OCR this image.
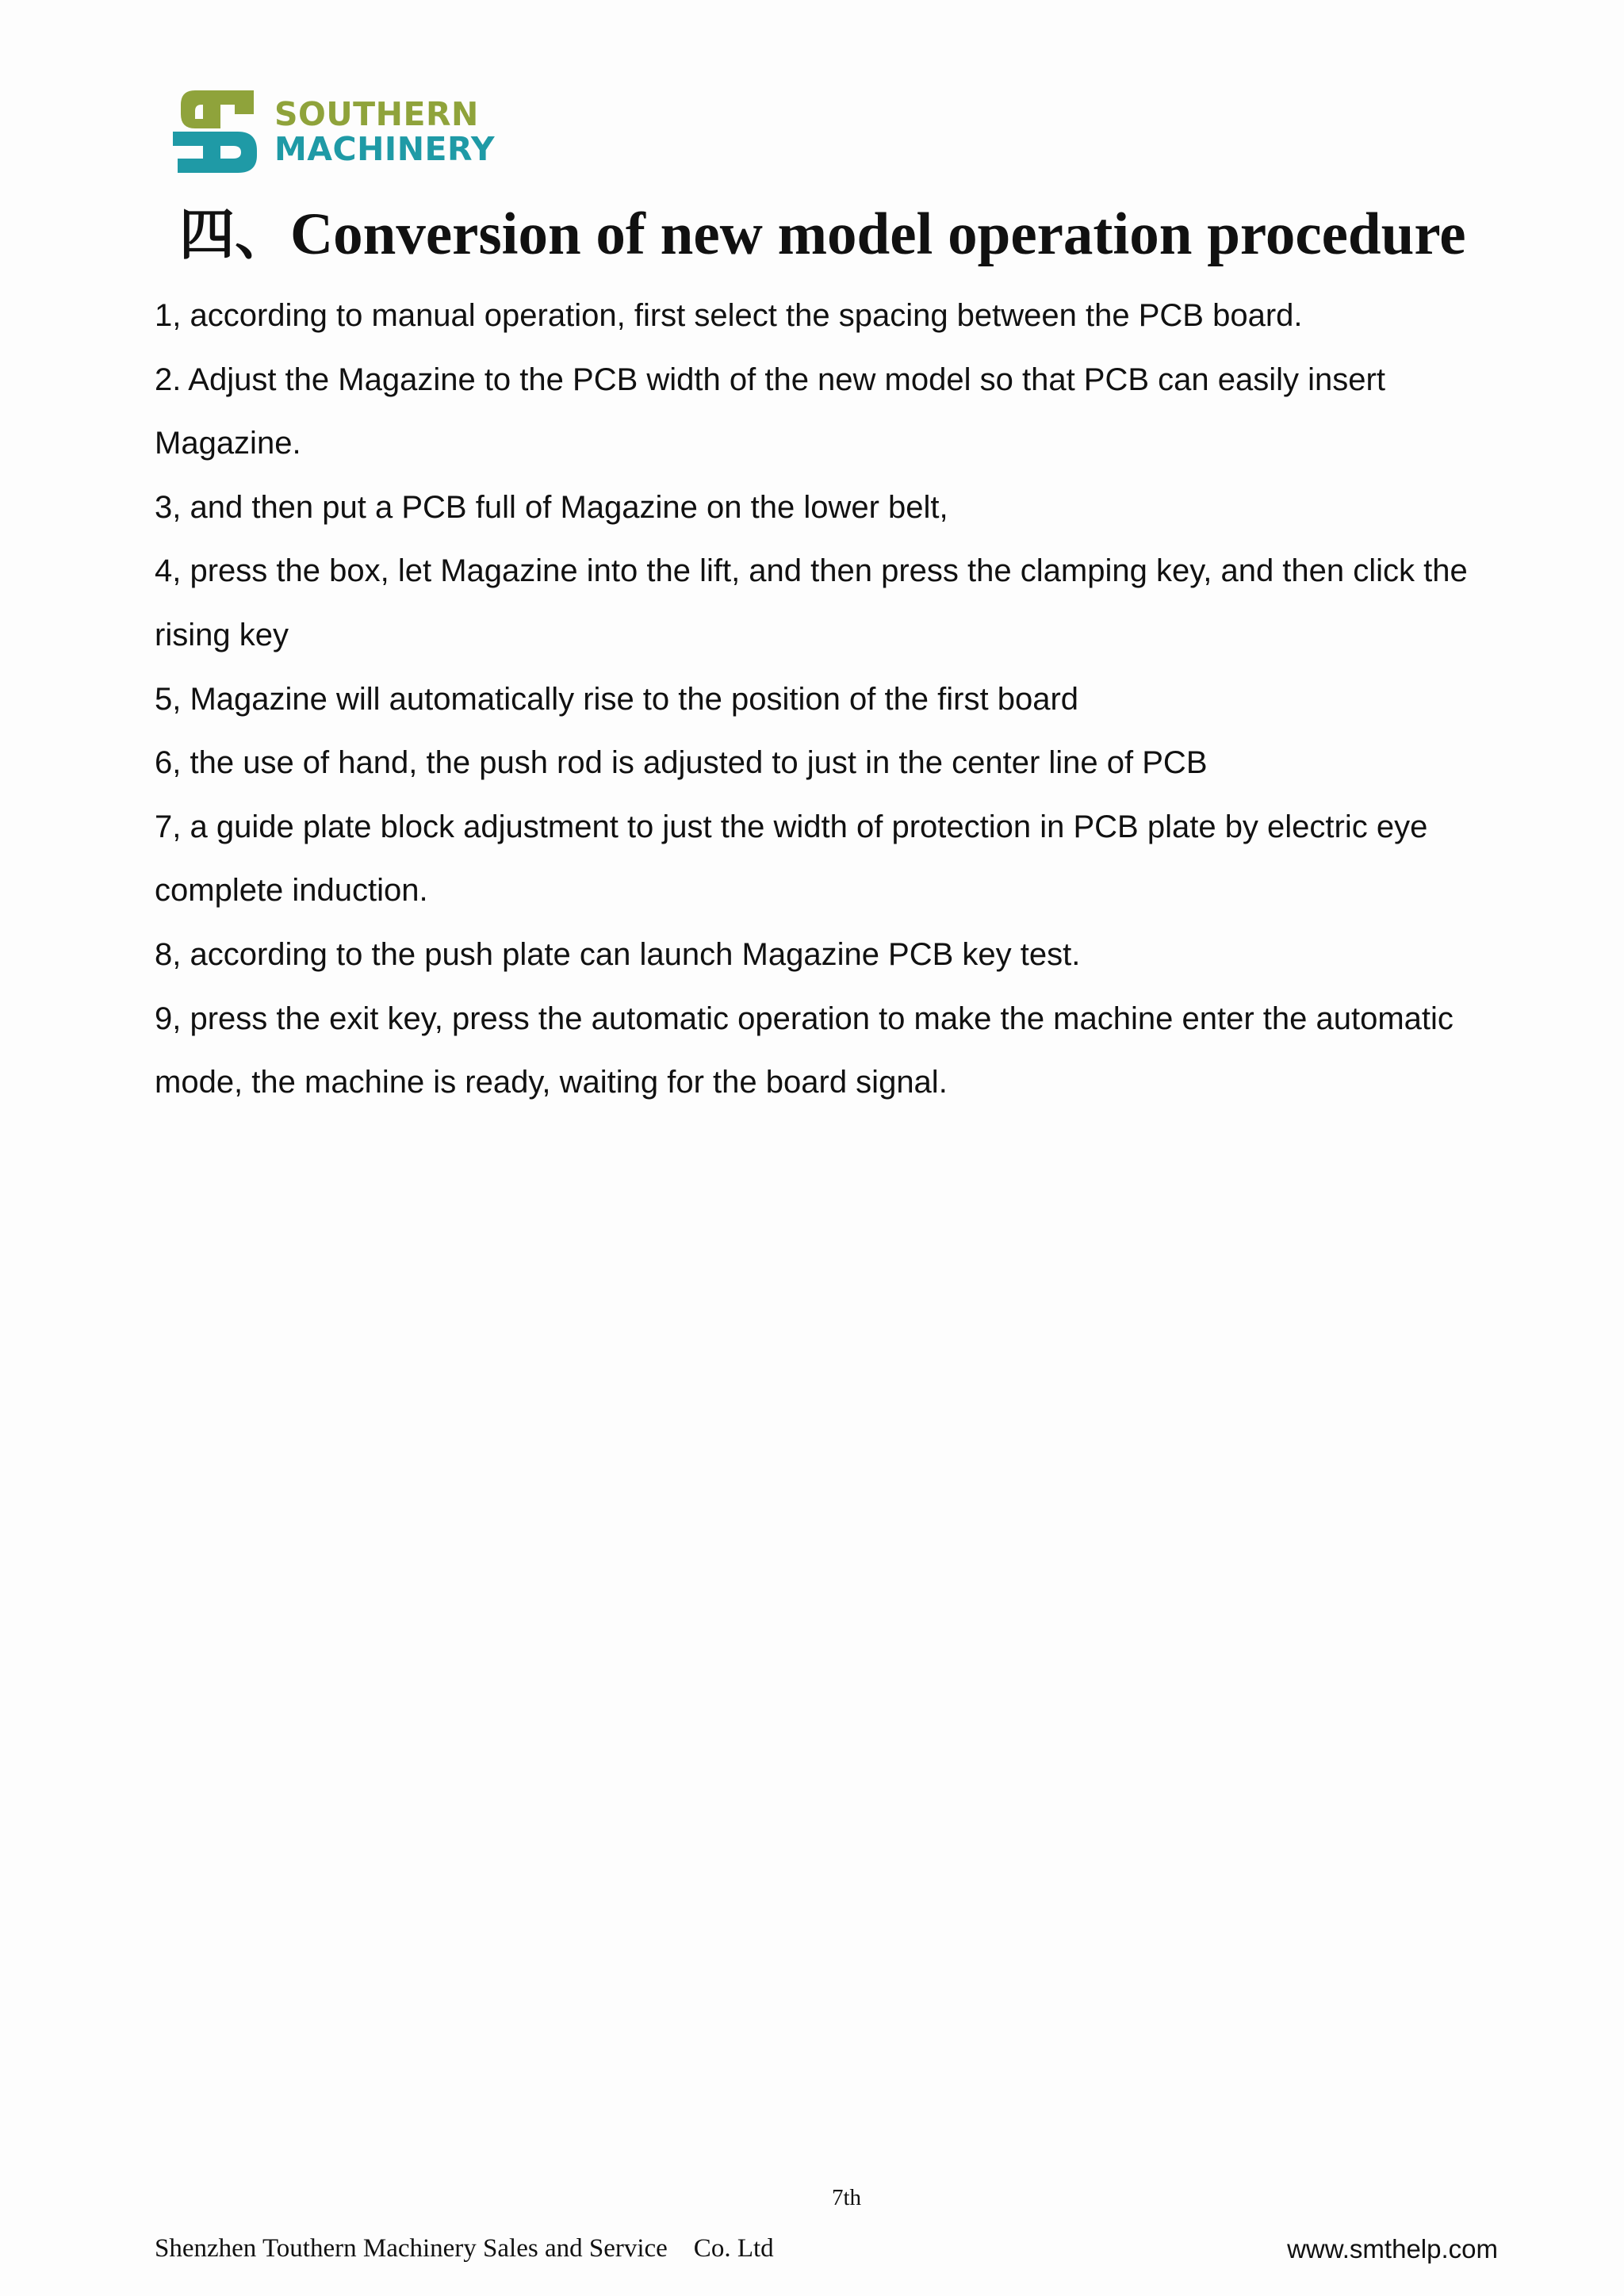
SOUTHERN
MACHINERY
四、Conversion of new model operation procedure
1, according to manual operation, first select the spacing between the PCB board.
2. Adjust the Magazine to the PCB width of the new model so that PCB can easily insert Magazine.
3, and then put a PCB full of Magazine on the lower belt,
4, press the box, let Magazine into the lift, and then press the clamping key, and then click the rising key
5, Magazine will automatically rise to the position of the first board
6, the use of hand, the push rod is adjusted to just in the center line of PCB
7, a guide plate block adjustment to just the width of protection in PCB plate by electric eye complete induction.
8, according to the push plate can launch Magazine PCB key test.
9, press the exit key, press the automatic operation to make the machine enter the automatic mode, the machine is ready, waiting for the board signal.
7th
Shenzhen Touthern Machinery Sales and Service    Co. Ltd	www.smthelp.com
